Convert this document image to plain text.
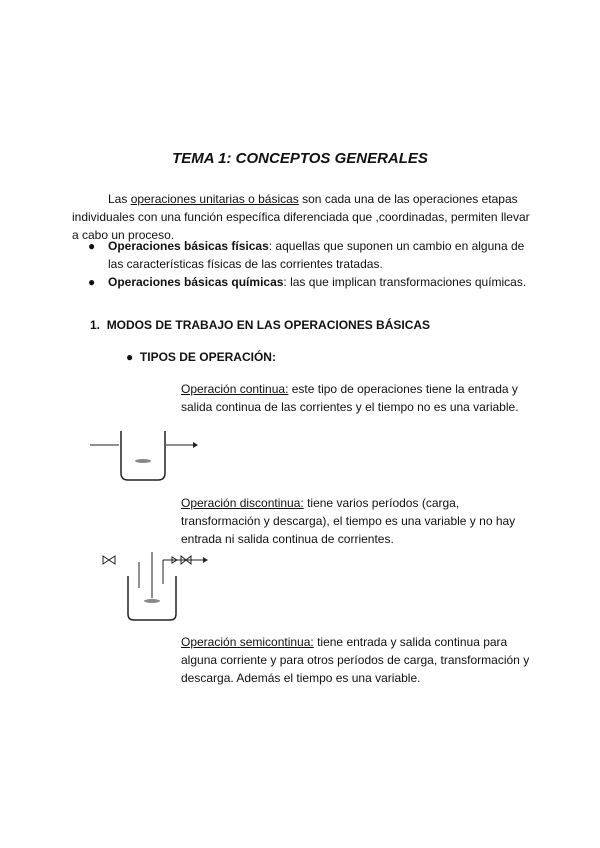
TEMA 1: CONCEPTOS GENERALES
Las operaciones unitarias o básicas son cada una de las operaciones etapas individuales con una función específica diferenciada que ,coordinadas, permiten llevar a cabo un proceso.
● Operaciones básicas físicas: aquellas que suponen un cambio en alguna de las características físicas de las corrientes tratadas.
● Operaciones básicas químicas: las que implican transformaciones químicas.
1. MODOS DE TRABAJO EN LAS OPERACIONES BÁSICAS
● TIPOS DE OPERACIÓN:
Operación continua: este tipo de operaciones tiene la entrada y salida continua de las corrientes y el tiempo no es una variable.
Operación discontinua: tiene varios períodos (carga, transformación y descarga), el tiempo es una variable y no hay entrada ni salida continua de corrientes.
Operación semicontinua: tiene entrada y salida continua para alguna corriente y para otros períodos de carga, transformación y descarga. Además el tiempo es una variable.
